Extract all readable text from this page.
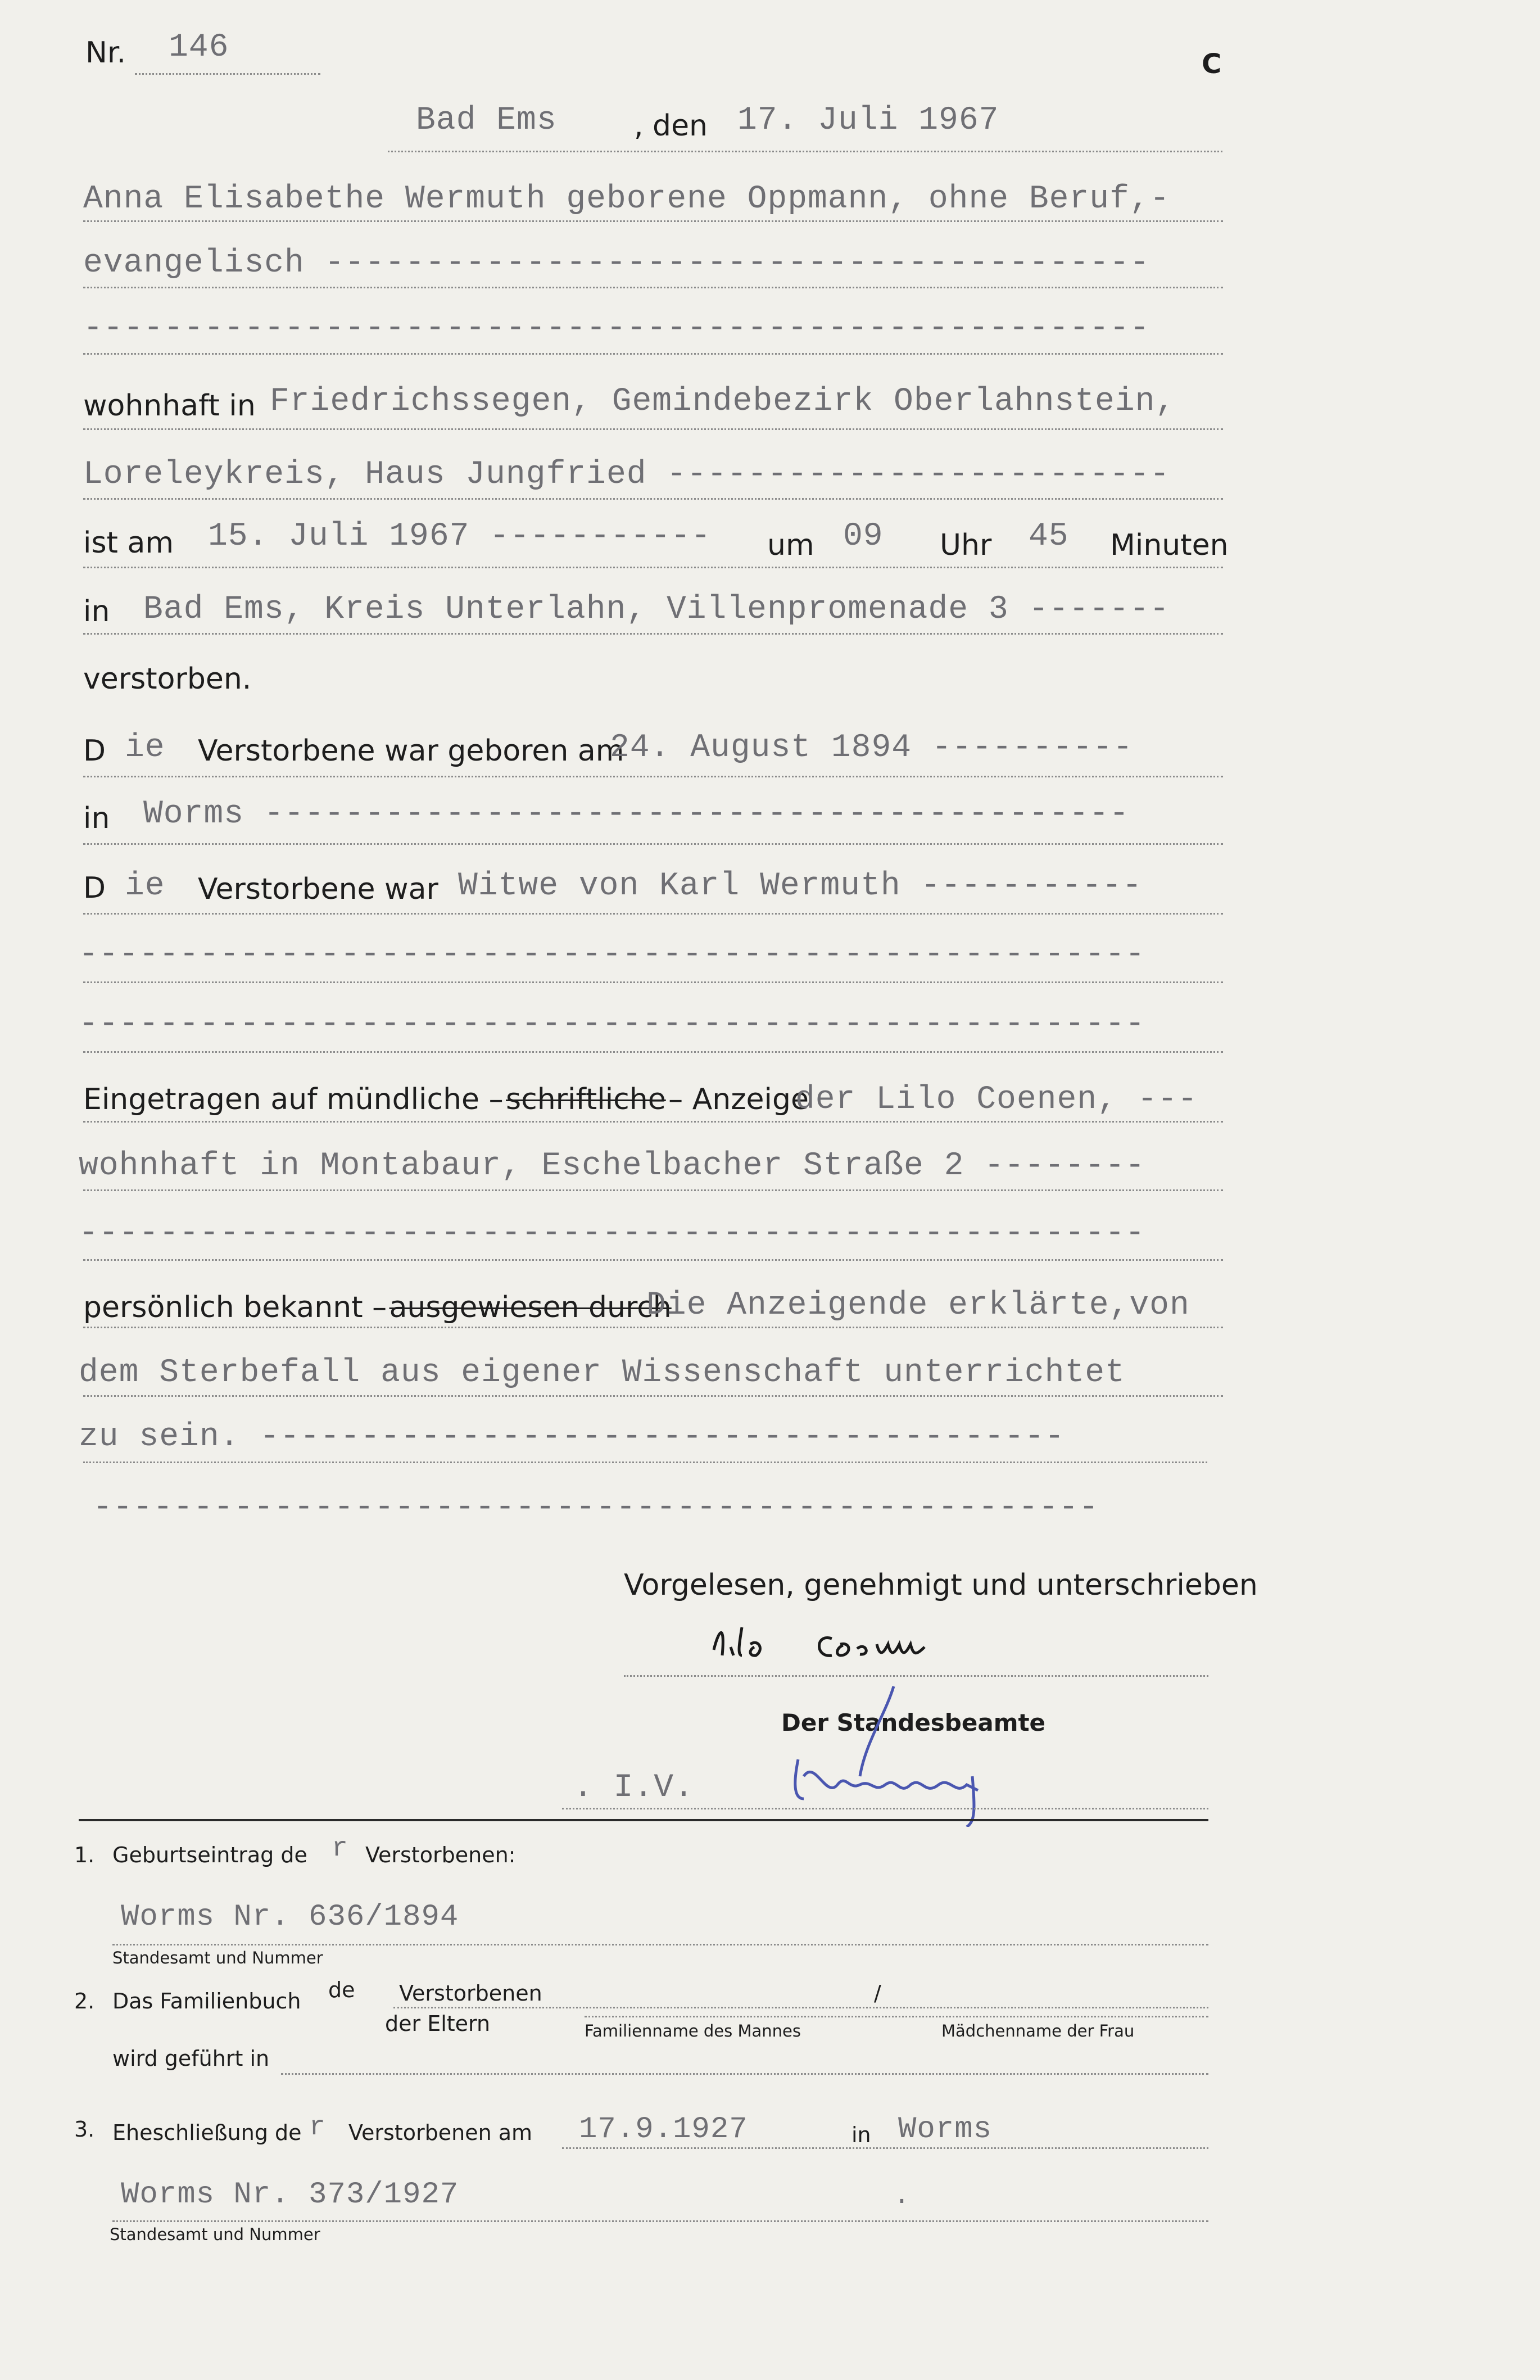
Nr. 146	C
Bad Ems	, den 17. Juli 1967
Anna Elisabethe Wermuth geborene Oppmann, ohne Beruf,-
evangelisch -----------------------------------------
-----------------------------------------------------
wohnhaft in Friedrichssegen, Gemindebezirk Oberlahnstein,
Loreleykreis, Haus Jungfried -------------------------
ist am 15. Juli 1967 ----------- um 09 Uhr 45 Minuten
in Bad Ems, Kreis Unterlahn, Villenpromenade 3 -------
verstorben.
D ie Verstorbene war geboren am
24. August 1894 ----------
in Worms -------------------------------------------
D ie Verstorbene war Witwe von Karl Wermuth -----------
-----------------------------------------------------
-----------------------------------------------------
Eingetragen auf mündliche – schriftliche – Anzeige
der Lilo Coenen, ---
wohnhaft in Montabaur, Eschelbacher Straße 2 --------
-----------------------------------------------------
persönlich bekannt – ausgewiesen durch
Die Anzeigende erklärte,von
dem Sterbefall aus eigener Wissenschaft unterrichtet
zu sein. ----------------------------------------
--------------------------------------------------
Vorgelesen, genehmigt und unterschrieben
Der Standesbeamte
. I.V.
1. Geburtseintrag de r Verstorbenen:
Worms Nr. 636/1894
Standesamt und Nummer
2. Das Familienbuch de Verstorbenen
der Eltern
/
Familienname des Mannes	Mädchenname der Frau
wird geführt in
3. Eheschließung de r Verstorbenen am 17.9.1927	in Worms
Worms Nr. 373/1927	.
Standesamt und Nummer
